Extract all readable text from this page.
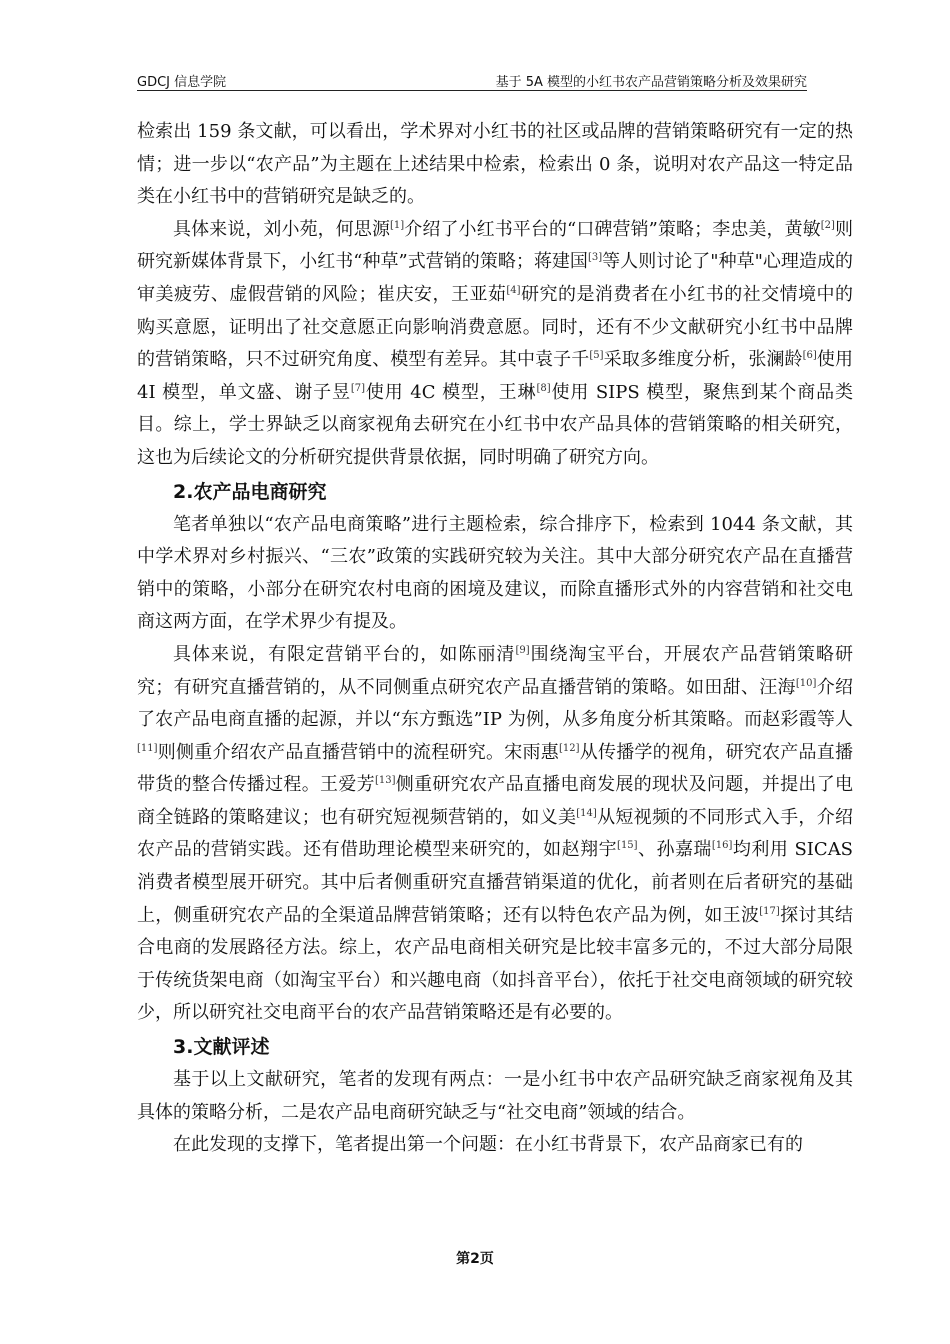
GDCJ 信息学院	基于 5A 模型的小红书农产品营销策略分析及效果研究

检索出 159 条文献，可以看出，学术界对小红书的社区或品牌的营销策略研究有一定的热情；进一步以“农产品”为主题在上述结果中检索，检索出 0 条，说明对农产品这一特定品类在小红书中的营销研究是缺乏的。

具体来说，刘小苑，何思源[1]介绍了小红书平台的“口碑营销”策略；李忠美，黄敏[2]则研究新媒体背景下，小红书“种草”式营销的策略；蒋建国[3]等人则讨论了"种草"心理造成的审美疲劳、虚假营销的风险；崔庆安，王亚茹[4]研究的是消费者在小红书的社交情境中的购买意愿，证明出了社交意愿正向影响消费意愿。同时，还有不少文献研究小红书中品牌的营销策略，只不过研究角度、模型有差异。其中袁子千[5]采取多维度分析，张澜龄[6]使用 4I 模型，单文盛、谢子昱[7]使用 4C 模型，王琳[8]使用 SIPS 模型，聚焦到某个商品类目。综上，学士界缺乏以商家视角去研究在小红书中农产品具体的营销策略的相关研究，这也为后续论文的分析研究提供背景依据，同时明确了研究方向。

2.农产品电商研究

笔者单独以“农产品电商策略”进行主题检索，综合排序下，检索到 1044 条文献，其中学术界对乡村振兴、“三农”政策的实践研究较为关注。其中大部分研究农产品在直播营销中的策略，小部分在研究农村电商的困境及建议，而除直播形式外的内容营销和社交电商这两方面，在学术界少有提及。

具体来说，有限定营销平台的，如陈丽清[9]围绕淘宝平台，开展农产品营销策略研究；有研究直播营销的，从不同侧重点研究农产品直播营销的策略。如田甜、汪海[10]介绍了农产品电商直播的起源，并以“东方甄选”IP 为例，从多角度分析其策略。而赵彩霞等人[11]则侧重介绍农产品直播营销中的流程研究。宋雨惠[12]从传播学的视角，研究农产品直播带货的整合传播过程。王爱芳[13]侧重研究农产品直播电商发展的现状及问题，并提出了电商全链路的策略建议；也有研究短视频营销的，如义美[14]从短视频的不同形式入手，介绍农产品的营销实践。还有借助理论模型来研究的，如赵翔宇[15]、孙嘉瑞[16]均利用 SICAS 消费者模型展开研究。其中后者侧重研究直播营销渠道的优化，前者则在后者研究的基础上，侧重研究农产品的全渠道品牌营销策略；还有以特色农产品为例，如王波[17]探讨其结合电商的发展路径方法。综上，农产品电商相关研究是比较丰富多元的，不过大部分局限于传统货架电商（如淘宝平台）和兴趣电商（如抖音平台），依托于社交电商领域的研究较少，所以研究社交电商平台的农产品营销策略还是有必要的。

3.文献评述

基于以上文献研究，笔者的发现有两点：一是小红书中农产品研究缺乏商家视角及其具体的策略分析，二是农产品电商研究缺乏与“社交电商”领域的结合。

在此发现的支撑下，笔者提出第一个问题：在小红书背景下，农产品商家已有的

第2页
